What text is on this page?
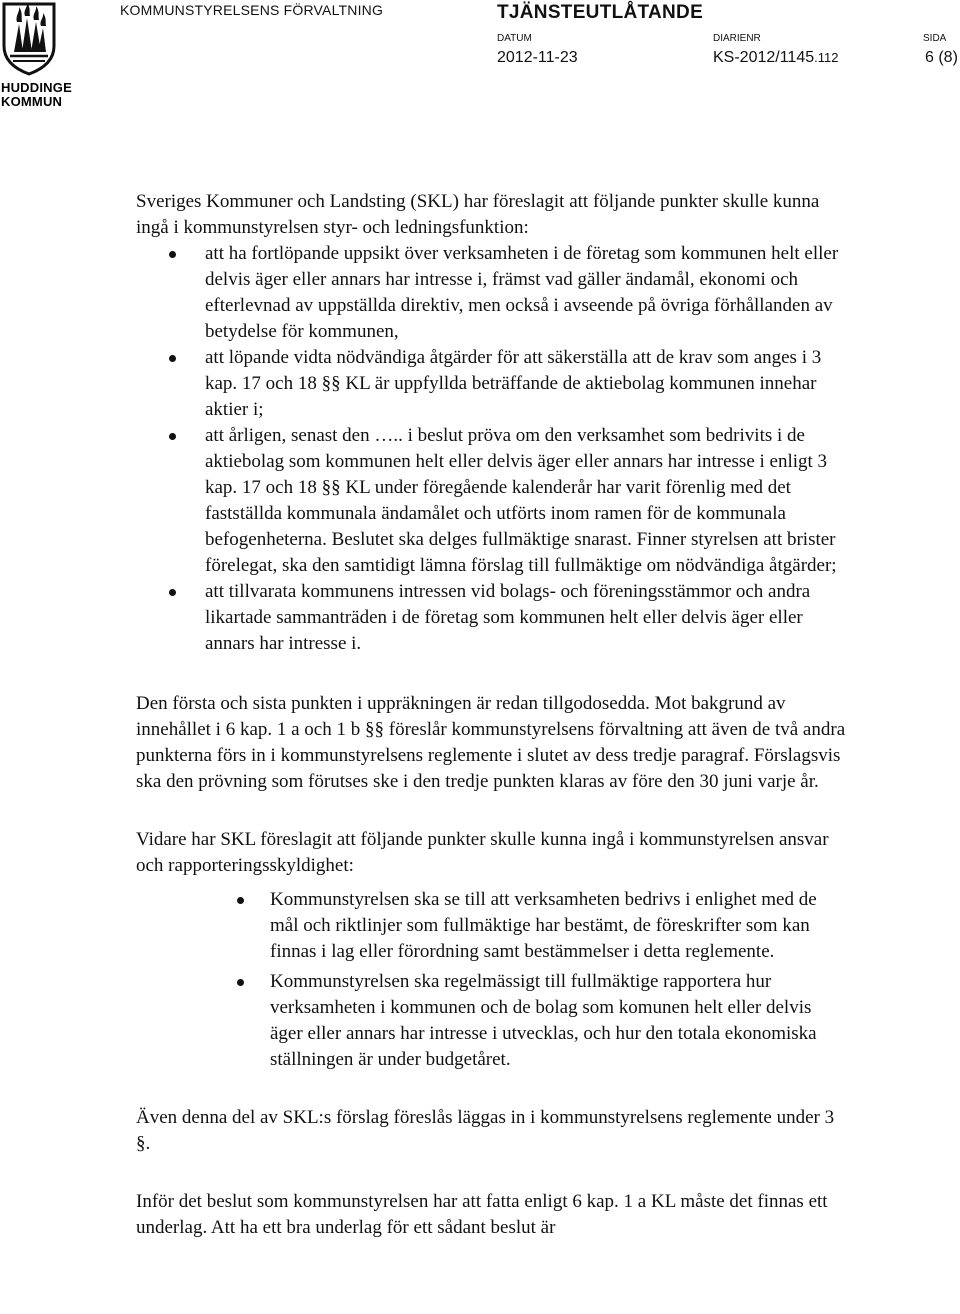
HUDDINGE
KOMMUN
KOMMUNSTYRELSENS FÖRVALTNING	TJÄNSTEUTLÅTANDE
DATUM
2012-11-23
DIARIENR
KS-2012/1145.112
SIDA
6 (8)

Sveriges Kommuner och Landsting (SKL) har föreslagit att följande punkter skulle kunna ingå i kommunstyrelsen styr- och ledningsfunktion:

att ha fortlöpande uppsikt över verksamheten i de företag som kommunen helt eller delvis äger eller annars har intresse i, främst vad gäller ändamål, ekonomi och efterlevnad av uppställda direktiv, men också i avseende på övriga förhållanden av betydelse för kommunen,
att löpande vidta nödvändiga åtgärder för att säkerställa att de krav som anges i 3 kap. 17 och 18 §§ KL är uppfyllda beträffande de aktiebolag kommunen innehar aktier i;
att årligen, senast den ….. i beslut pröva om den verksamhet som bedrivits i de aktiebolag som kommunen helt eller delvis äger eller annars har intresse i enligt 3 kap. 17 och 18 §§ KL under föregående kalenderår har varit förenlig med det fastställda kommunala ändamålet och utförts inom ramen för de kommunala befogenheterna. Beslutet ska delges fullmäktige snarast. Finner styrelsen att brister förelegat, ska den samtidigt lämna förslag till fullmäktige om nödvändiga åtgärder;
att tillvarata kommunens intressen vid bolags- och föreningsstämmor och andra likartade sammanträden i de företag som kommunen helt eller delvis äger eller annars har intresse i.

Den första och sista punkten i uppräkningen är redan tillgodosedda. Mot bakgrund av innehållet i 6 kap. 1 a och 1 b §§ föreslår kommunstyrelsens förvaltning att även de två andra punkterna förs in i kommunstyrelsens reglemente i slutet av dess tredje paragraf. Förslagsvis ska den prövning som förutses ske i den tredje punkten klaras av före den 30 juni varje år.

Vidare har SKL föreslagit att följande punkter skulle kunna ingå i kommunstyrelsen ansvar och rapporteringsskyldighet:

Kommunstyrelsen ska se till att verksamheten bedrivs i enlighet med de mål och riktlinjer som fullmäktige har bestämt, de föreskrifter som kan finnas i lag eller förordning samt bestämmelser i detta reglemente.
Kommunstyrelsen ska regelmässigt till fullmäktige rapportera hur verksamheten i kommunen och de bolag som komunen helt eller delvis äger eller annars har intresse i utvecklas, och hur den totala ekonomiska ställningen är under budgetåret.

Även denna del av SKL:s förslag föreslås läggas in i kommunstyrelsens reglemente under 3 §.

Inför det beslut som kommunstyrelsen har att fatta enligt 6 kap. 1 a KL måste det finnas ett underlag. Att ha ett bra underlag för ett sådant beslut är
